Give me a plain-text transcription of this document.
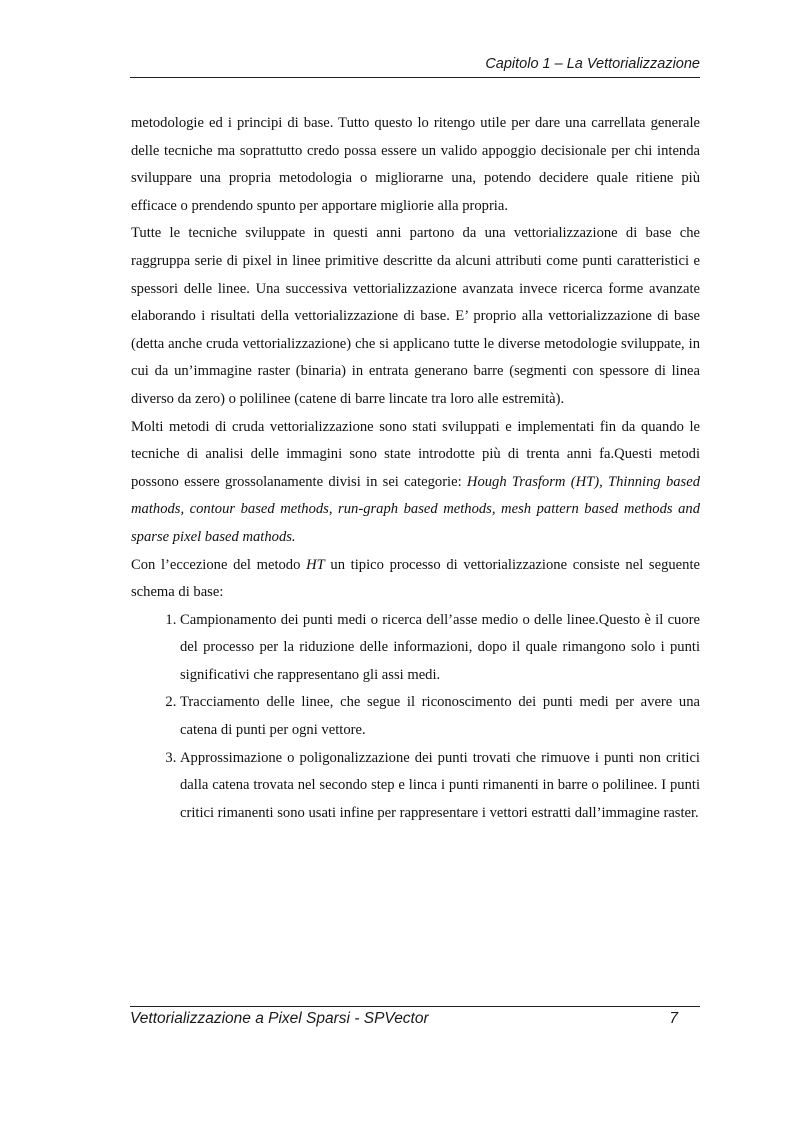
Capitolo 1 – La Vettorializzazione

metodologie ed i principi di base. Tutto questo lo ritengo utile per dare una carrellata generale delle tecniche ma soprattutto credo possa essere un valido appoggio decisionale per chi intenda sviluppare una propria metodologia o migliorarne una, potendo decidere quale ritiene più efficace o prendendo spunto per apportare migliorie alla propria.

Tutte le tecniche sviluppate in questi anni partono da una vettorializzazione di base che raggruppa serie di pixel in linee primitive descritte da alcuni attributi come punti caratteristici e spessori delle linee. Una successiva vettorializzazione avanzata invece ricerca forme avanzate elaborando i risultati della vettorializzazione di base. E’ proprio alla vettorializzazione di base (detta anche cruda vettorializzazione) che si applicano tutte le diverse metodologie sviluppate, in cui da un’immagine raster (binaria) in entrata generano barre (segmenti con spessore di linea diverso da zero) o polilinee (catene di barre lincate tra loro alle estremità).

Molti metodi di cruda vettorializzazione sono stati sviluppati e implementati fin da quando le tecniche di analisi delle immagini sono state introdotte più di trenta anni fa.Questi metodi possono essere grossolanamente divisi in sei categorie: Hough Trasform (HT), Thinning based mathods, contour based methods, run-graph based methods, mesh pattern based methods and sparse pixel based mathods.

Con l’eccezione del metodo HT un tipico processo di vettorializzazione consiste nel seguente schema di base:

1. Campionamento dei punti medi o ricerca dell’asse medio o delle linee.Questo è il cuore del processo per la riduzione delle informazioni, dopo il quale rimangono solo i punti significativi che rappresentano gli assi medi.
2. Tracciamento delle linee, che segue il riconoscimento dei punti medi per avere una catena di punti per ogni vettore.
3. Approssimazione o poligonalizzazione dei punti trovati che rimuove i punti non critici dalla catena trovata nel secondo step e linca i punti rimanenti in barre o polilinee. I punti critici rimanenti sono usati infine per rappresentare i vettori estratti dall’immagine raster.
Vettorializzazione a Pixel Sparsi - SPVector	7
